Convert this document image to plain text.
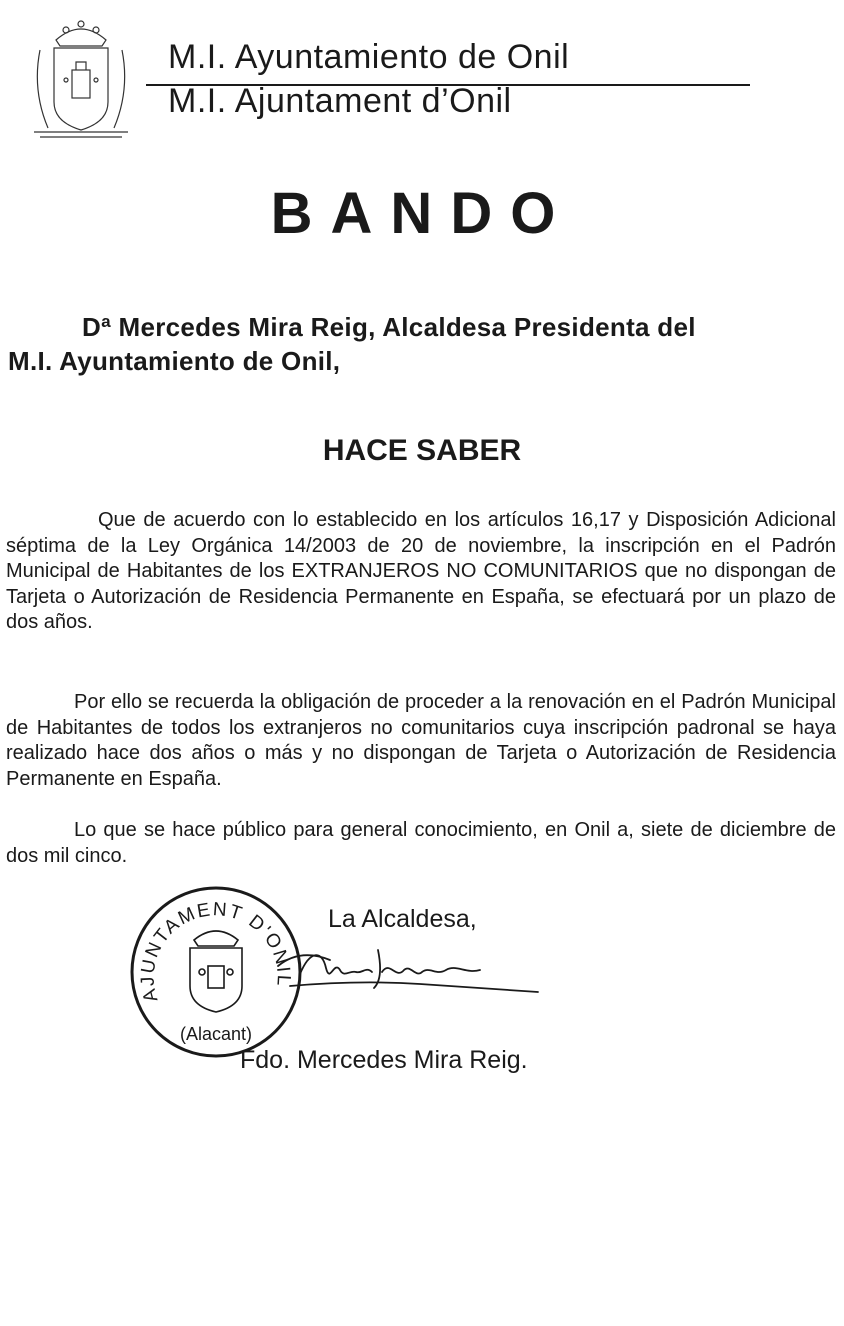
M.I. Ayuntamiento de Onil
M.I. Ajuntament d’Onil
BANDO
Dª Mercedes Mira Reig, Alcaldesa Presidenta del
M.I. Ayuntamiento de Onil,
HACE SABER
Que de acuerdo con lo establecido en los artículos 16,17 y Disposición Adicional séptima de la Ley Orgánica 14/2003 de 20 de noviembre, la inscripción en el Padrón Municipal de Habitantes de los EXTRANJEROS NO COMUNITARIOS que no dispongan de Tarjeta o Autorización de Residencia Permanente en España, se efectuará por un plazo de dos años.
Por ello se recuerda la obligación de proceder a la renovación en el Padrón Municipal de Habitantes de todos los extranjeros no comunitarios cuya inscripción padronal se haya realizado hace dos años o más y no dispongan de Tarjeta o Autorización de Residencia Permanente en España.
Lo que se hace público para general conocimiento, en Onil a, siete de diciembre de dos mil cinco.
AJUNTAMENT D'ONIL
(Alacant)
La Alcaldesa,
Fdo. Mercedes Mira Reig.
